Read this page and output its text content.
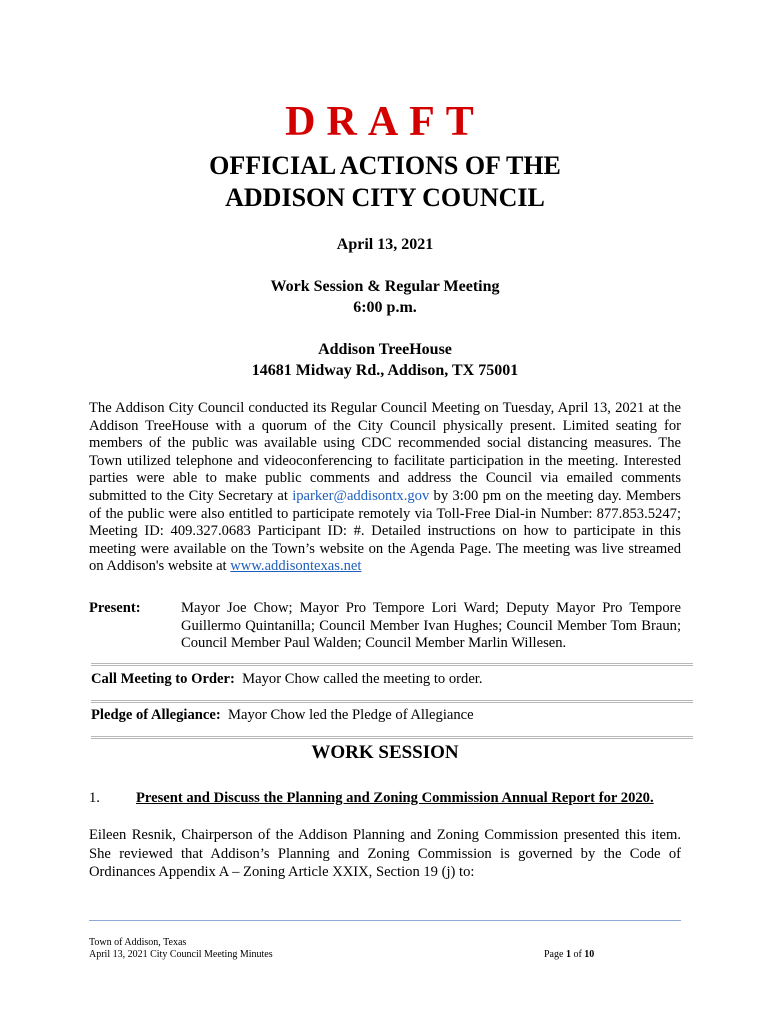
DRAFT
OFFICIAL ACTIONS OF THE
ADDISON CITY COUNCIL
April 13, 2021
Work Session & Regular Meeting
6:00 p.m.
Addison TreeHouse
14681 Midway Rd., Addison, TX 75001
The Addison City Council conducted its Regular Council Meeting on Tuesday, April 13, 2021 at the Addison TreeHouse with a quorum of the City Council physically present. Limited seating for members of the public was available using CDC recommended social distancing measures. The Town utilized telephone and videoconferencing to facilitate participation in the meeting. Interested parties were able to make public comments and address the Council via emailed comments submitted to the City Secretary at iparker@addisontx.gov by 3:00 pm on the meeting day. Members of the public were also entitled to participate remotely via Toll-Free Dial-in Number: 877.853.5247; Meeting ID: 409.327.0683 Participant ID: #. Detailed instructions on how to participate in this meeting were available on the Town’s website on the Agenda Page. The meeting was live streamed on Addison's website at www.addisontexas.net
Present:	Mayor Joe Chow; Mayor Pro Tempore Lori Ward; Deputy Mayor Pro Tempore Guillermo Quintanilla; Council Member Ivan Hughes; Council Member Tom Braun; Council Member Paul Walden; Council Member Marlin Willesen.
Call Meeting to Order: Mayor Chow called the meeting to order.
Pledge of Allegiance: Mayor Chow led the Pledge of Allegiance
WORK SESSION
1. Present and Discuss the Planning and Zoning Commission Annual Report for 2020.
Eileen Resnik, Chairperson of the Addison Planning and Zoning Commission presented this item. She reviewed that Addison’s Planning and Zoning Commission is governed by the Code of Ordinances Appendix A – Zoning Article XXIX, Section 19 (j) to:
Town of Addison, Texas
April 13, 2021 City Council Meeting Minutes	Page 1 of 10
